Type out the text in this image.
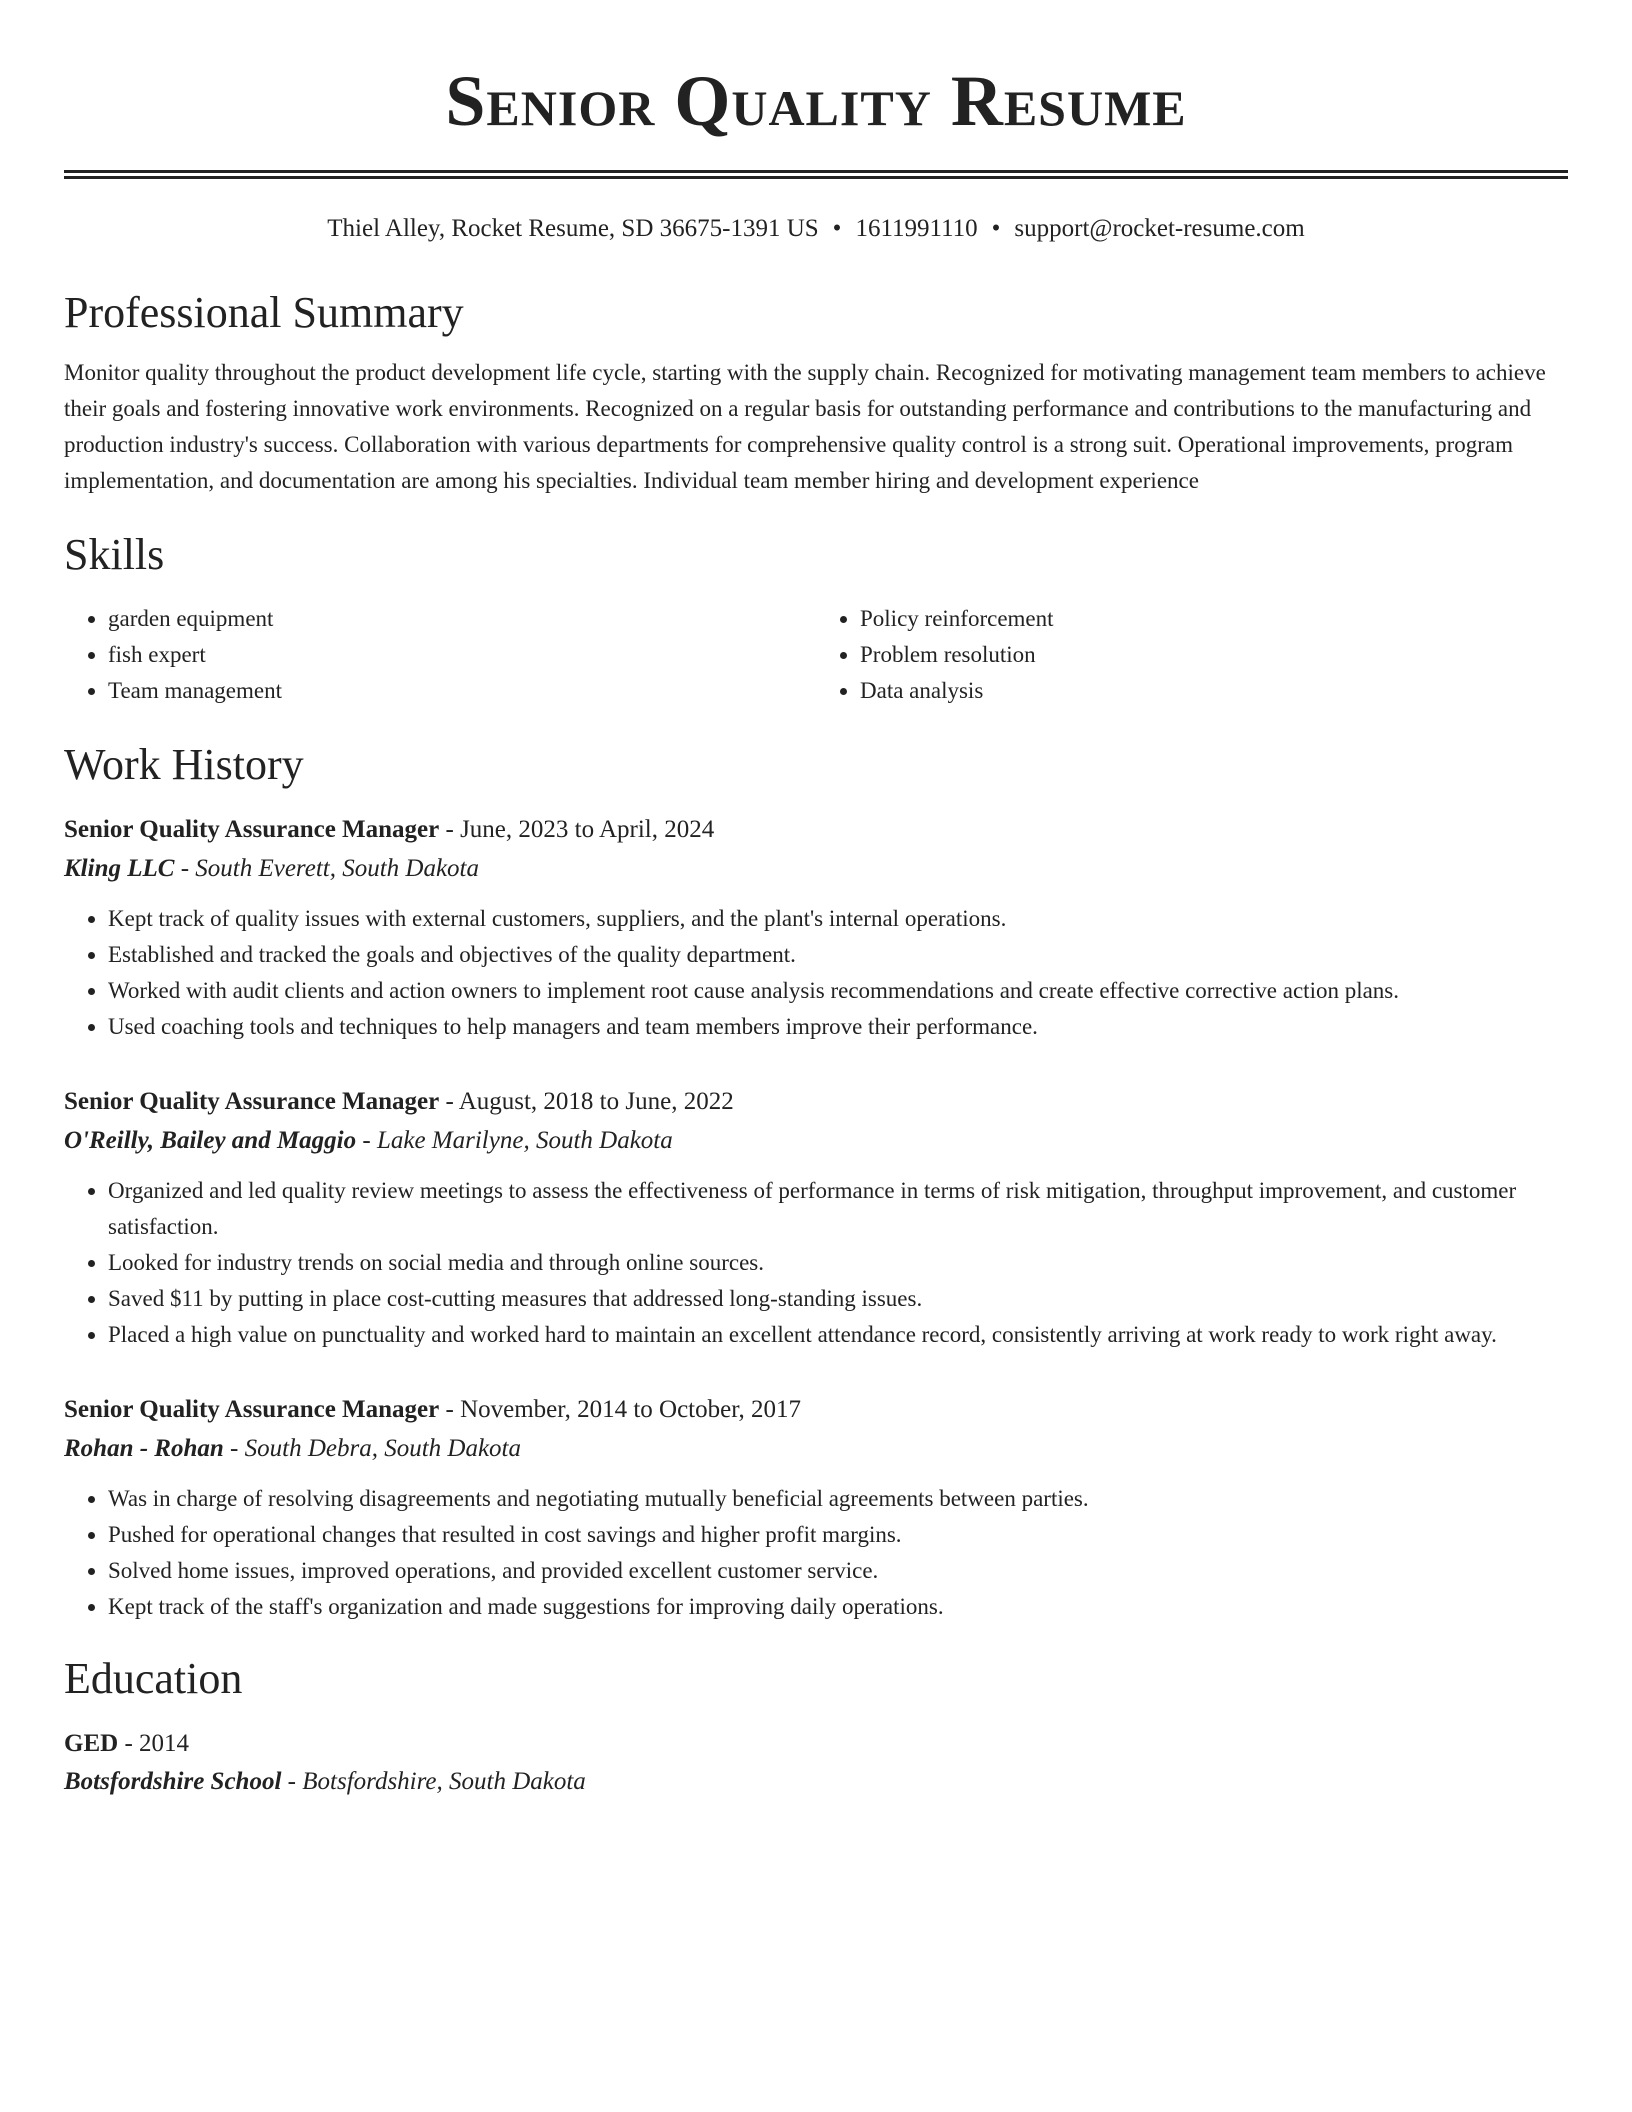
Senior Quality Resume
Thiel Alley, Rocket Resume, SD 36675-1391 US • 1611991110 • support@rocket-resume.com
Professional Summary

Monitor quality throughout the product development life cycle, starting with the supply chain. Recognized for motivating management team members to achieve their goals and fostering innovative work environments. Recognized on a regular basis for outstanding performance and contributions to the manufacturing and production industry's success. Collaboration with various departments for comprehensive quality control is a strong suit. Operational improvements, program implementation, and documentation are among his specialties. Individual team member hiring and development experience

Skills
• garden equipment
• fish expert
• Team management
• Policy reinforcement
• Problem resolution
• Data analysis
Work History
Senior Quality Assurance Manager - June, 2023 to April, 2024
Kling LLC - South Everett, South Dakota
• Kept track of quality issues with external customers, suppliers, and the plant's internal operations.
• Established and tracked the goals and objectives of the quality department.
• Worked with audit clients and action owners to implement root cause analysis recommendations and create effective corrective action plans.
• Used coaching tools and techniques to help managers and team members improve their performance.
Senior Quality Assurance Manager - August, 2018 to June, 2022
O'Reilly, Bailey and Maggio - Lake Marilyne, South Dakota
• Organized and led quality review meetings to assess the effectiveness of performance in terms of risk mitigation, throughput improvement, and customer satisfaction.
• Looked for industry trends on social media and through online sources.
• Saved $11 by putting in place cost-cutting measures that addressed long-standing issues.
• Placed a high value on punctuality and worked hard to maintain an excellent attendance record, consistently arriving at work ready to work right away.
Senior Quality Assurance Manager - November, 2014 to October, 2017
Rohan - Rohan - South Debra, South Dakota
• Was in charge of resolving disagreements and negotiating mutually beneficial agreements between parties.
• Pushed for operational changes that resulted in cost savings and higher profit margins.
• Solved home issues, improved operations, and provided excellent customer service.
• Kept track of the staff's organization and made suggestions for improving daily operations.
Education
GED - 2014
Botsfordshire School - Botsfordshire, South Dakota
